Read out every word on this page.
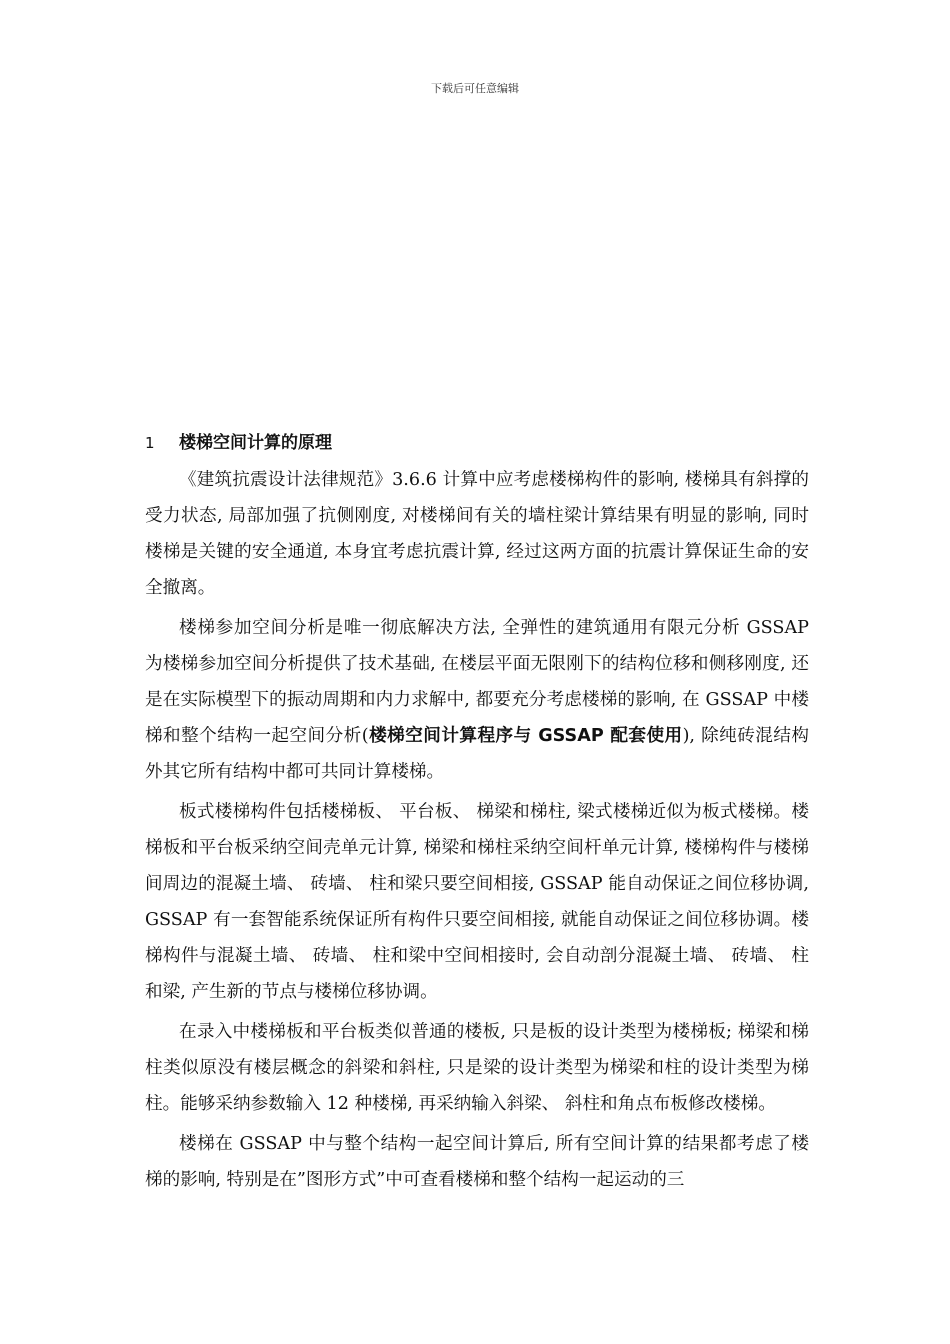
下载后可任意编辑
1 楼梯空间计算的原理

《建筑抗震设计法律规范》3.6.6 计算中应考虑楼梯构件的影响, 楼梯具有斜撑的受力状态, 局部加强了抗侧刚度, 对楼梯间有关的墙柱梁计算结果有明显的影响, 同时楼梯是关键的安全通道, 本身宜考虑抗震计算, 经过这两方面的抗震计算保证生命的安全撤离。

楼梯参加空间分析是唯一彻底解决方法, 全弹性的建筑通用有限元分析 GSSAP 为楼梯参加空间分析提供了技术基础, 在楼层平面无限刚下的结构位移和侧移刚度, 还是在实际模型下的振动周期和内力求解中, 都要充分考虑楼梯的影响, 在 GSSAP 中楼梯和整个结构一起空间分析(楼梯空间计算程序与 GSSAP 配套使用), 除纯砖混结构外其它所有结构中都可共同计算楼梯。

板式楼梯构件包括楼梯板、 平台板、 梯梁和梯柱, 梁式楼梯近似为板式楼梯。楼梯板和平台板采纳空间壳单元计算, 梯梁和梯柱采纳空间杆单元计算, 楼梯构件与楼梯间周边的混凝土墙、 砖墙、 柱和梁只要空间相接, GSSAP 能自动保证之间位移协调, GSSAP 有一套智能系统保证所有构件只要空间相接, 就能自动保证之间位移协调。楼梯构件与混凝土墙、 砖墙、 柱和梁中空间相接时, 会自动剖分混凝土墙、 砖墙、 柱和梁, 产生新的节点与楼梯位移协调。

在录入中楼梯板和平台板类似普通的楼板, 只是板的设计类型为楼梯板; 梯梁和梯柱类似原没有楼层概念的斜梁和斜柱, 只是梁的设计类型为梯梁和柱的设计类型为梯柱。能够采纳参数输入 12 种楼梯, 再采纳输入斜梁、 斜柱和角点布板修改楼梯。

楼梯在 GSSAP 中与整个结构一起空间计算后, 所有空间计算的结果都考虑了楼梯的影响, 特别是在”图形方式”中可查看楼梯和整个结构一起运动的三
